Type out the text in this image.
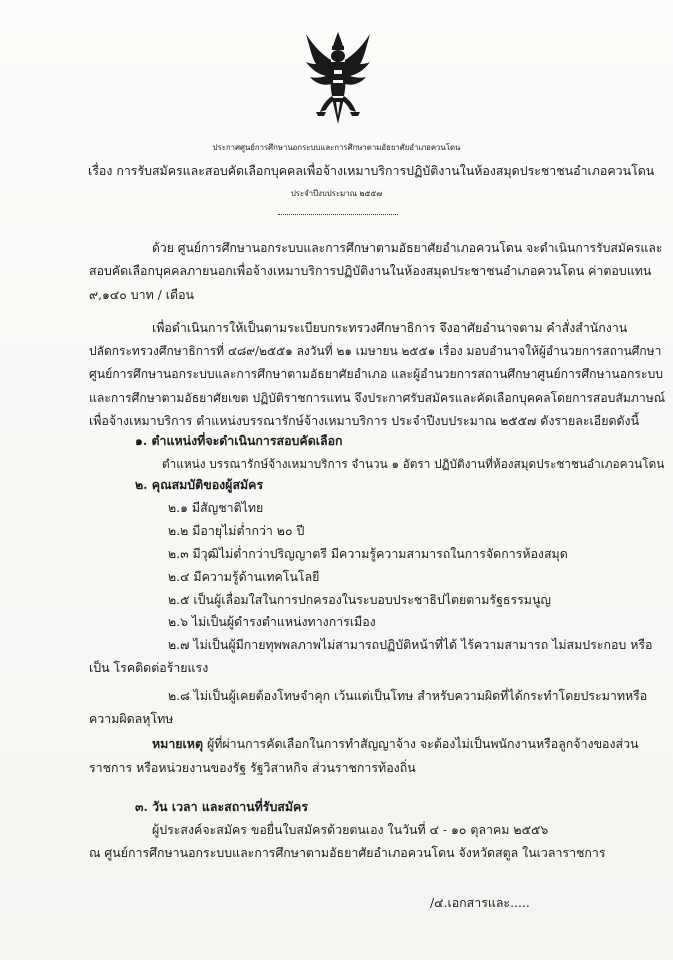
ประกาศศูนย์การศึกษานอกระบบและการศึกษาตามอัธยาศัยอำเภอควนโดน
เรื่อง การรับสมัครและสอบคัดเลือกบุคคลเพื่อจ้างเหมาบริการปฏิบัติงานในห้องสมุดประชาชนอำเภอควนโดน
ประจำปีงบประมาณ ๒๕๕๗
ด้วย ศูนย์การศึกษานอกระบบและการศึกษาตามอัธยาศัยอำเภอควนโดน จะดำเนินการรับสมัครและ
สอบคัดเลือกบุคคลภายนอกเพื่อจ้างเหมาบริการปฏิบัติงานในห้องสมุดประชาชนอำเภอควนโดน ค่าตอบแทน
๙,๑๔๐ บาท / เดือน
เพื่อดำเนินการให้เป็นตามระเบียบกระทรวงศึกษาธิการ จึงอาศัยอำนาจตาม คำสั่งสำนักงาน
ปลัดกระทรวงศึกษาธิการที่ ๔๘๙/๒๕๕๑ ลงวันที่ ๒๑ เมษายน ๒๕๕๑ เรื่อง มอบอำนาจให้ผู้อำนวยการสถานศึกษา
ศูนย์การศึกษานอกระบบและการศึกษาตามอัธยาศัยอำเภอ และผู้อำนวยการสถานศึกษาศูนย์การศึกษานอกระบบ
และการศึกษาตามอัธยาศัยเขต ปฏิบัติราชการแทน จึงประกาศรับสมัครและคัดเลือกบุคคลโดยการสอบสัมภาษณ์
เพื่อจ้างเหมาบริการ ตำแหน่งบรรณารักษ์จ้างเหมาบริการ ประจำปีงบประมาณ ๒๕๕๗ ดังรายละเอียดดังนี้
๑. ตำแหน่งที่จะดำเนินการสอบคัดเลือก
ตำแหน่ง บรรณารักษ์จ้างเหมาบริการ จำนวน ๑ อัตรา ปฏิบัติงานที่ห้องสมุดประชาชนอำเภอควนโดน
๒. คุณสมบัติของผู้สมัคร
๒.๑ มีสัญชาติไทย
๒.๒ มีอายุไม่ต่ำกว่า ๒๐ ปี
๒.๓ มีวุฒิไม่ต่ำกว่าปริญญาตรี มีความรู้ความสามารถในการจัดการห้องสมุด
๒.๔ มีความรู้ด้านเทคโนโลยี
๒.๕ เป็นผู้เลื่อมใสในการปกครองในระบอบประชาธิปไตยตามรัฐธรรมนูญ
๒.๖ ไม่เป็นผู้ดำรงตำแหน่งทางการเมือง
๒.๗ ไม่เป็นผู้มีกายทุพพลภาพไม่สามารถปฏิบัติหน้าที่ได้ ไร้ความสามารถ ไม่สมประกอบ หรือ
เป็น โรคติดต่อร้ายแรง
๒.๘ ไม่เป็นผู้เคยต้องโทษจำคุก เว้นแต่เป็นโทษ สำหรับความผิดที่ได้กระทำโดยประมาทหรือ
ความผิดลหุโทษ
หมายเหตุ ผู้ที่ผ่านการคัดเลือกในการทำสัญญาจ้าง จะต้องไม่เป็นพนักงานหรือลูกจ้างของส่วน
ราชการ หรือหน่วยงานของรัฐ รัฐวิสาหกิจ ส่วนราชการท้องถิ่น
๓. วัน เวลา และสถานที่รับสมัคร
ผู้ประสงค์จะสมัคร ขอยื่นใบสมัครด้วยตนเอง ในวันที่ ๔ - ๑๐ ตุลาคม ๒๕๕๖
ณ ศูนย์การศึกษานอกระบบและการศึกษาตามอัธยาศัยอำเภอควนโดน จังหวัดสตูล ในเวลาราชการ
/๔.เอกสารและ.....
